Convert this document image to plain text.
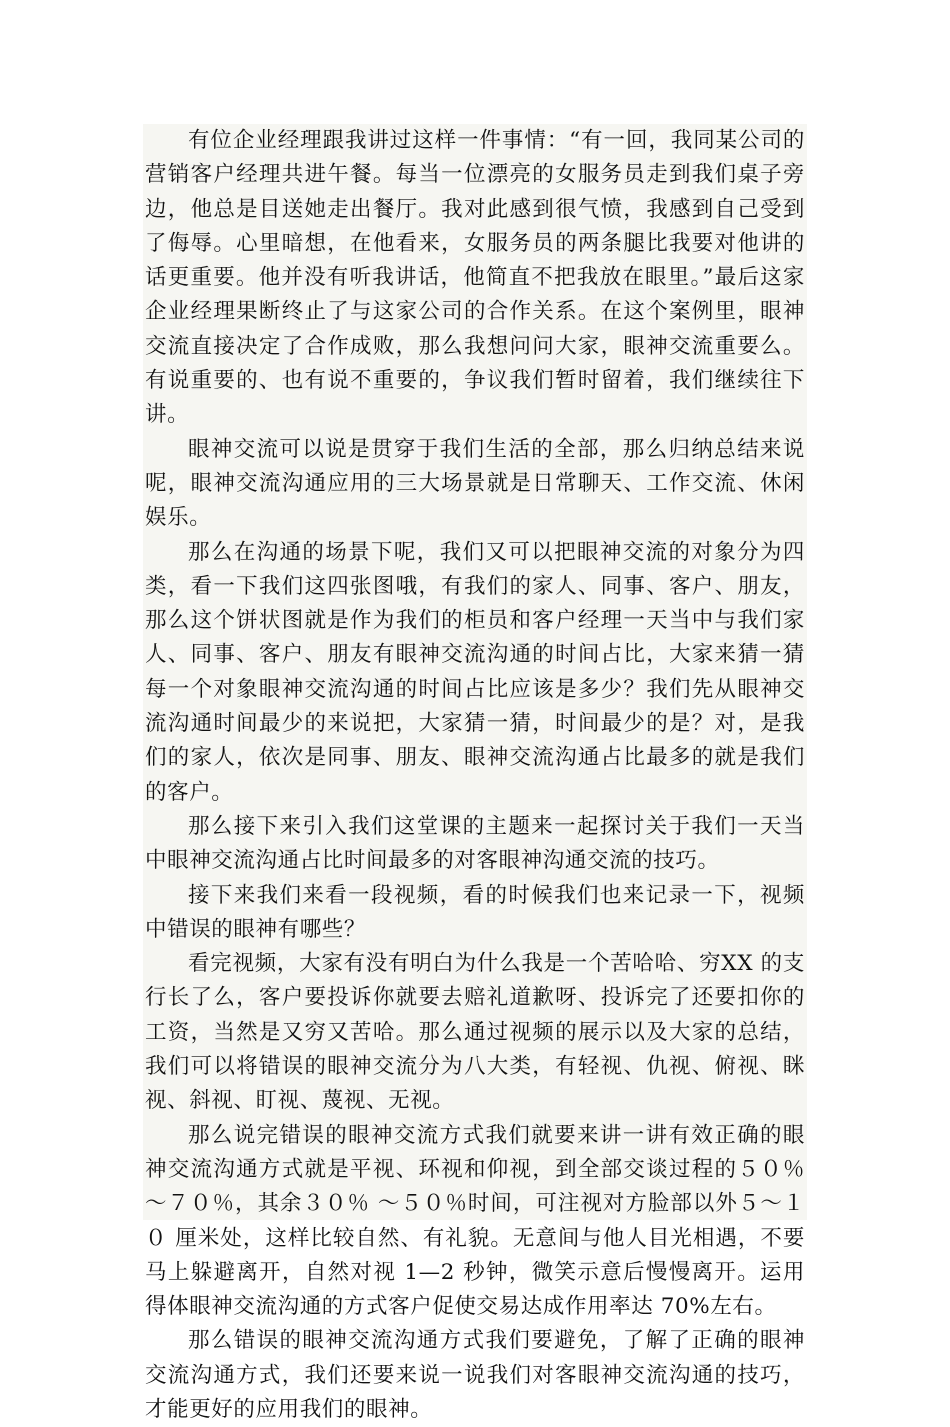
有位企业经理跟我讲过这样一件事情：“有一回，我同某公司的营销客户经理共进午餐。每当一位漂亮的女服务员走到我们桌子旁边，他总是目送她走出餐厅。我对此感到很气愤，我感到自己受到了侮辱。心里暗想，在他看来，女服务员的两条腿比我要对他讲的话更重要。他并没有听我讲话，他简直不把我放在眼里。”最后这家企业经理果断终止了与这家公司的合作关系。在这个案例里，眼神交流直接决定了合作成败，那么我想问问大家，眼神交流重要么。有说重要的、也有说不重要的，争议我们暂时留着，我们继续往下讲。

眼神交流可以说是贯穿于我们生活的全部，那么归纳总结来说呢，眼神交流沟通应用的三大场景就是日常聊天、工作交流、休闲娱乐。

那么在沟通的场景下呢，我们又可以把眼神交流的对象分为四类，看一下我们这四张图哦，有我们的家人、同事、客户、朋友，那么这个饼状图就是作为我们的柜员和客户经理一天当中与我们家人、同事、客户、朋友有眼神交流沟通的时间占比，大家来猜一猜每一个对象眼神交流沟通的时间占比应该是多少？我们先从眼神交流沟通时间最少的来说把，大家猜一猜，时间最少的是？对，是我们的家人，依次是同事、朋友、眼神交流沟通占比最多的就是我们的客户。

那么接下来引入我们这堂课的主题来一起探讨关于我们一天当中眼神交流沟通占比时间最多的对客眼神沟通交流的技巧。

接下来我们来看一段视频，看的时候我们也来记录一下，视频中错误的眼神有哪些？

看完视频，大家有没有明白为什么我是一个苦哈哈、穷XX 的支行长了么，客户要投诉你就要去赔礼道歉呀、投诉完了还要扣你的工资，当然是又穷又苦哈。那么通过视频的展示以及大家的总结，我们可以将错误的眼神交流分为八大类，有轻视、仇视、俯视、眯视、斜视、盯视、蔑视、无视。

那么说完错误的眼神交流方式我们就要来讲一讲有效正确的眼神交流沟通方式就是平视、环视和仰视，到全部交谈过程的５０％～７０％，其余３０％ ～５０％时间，可注视对方脸部以外５～１０ 厘米处，这样比较自然、有礼貌。无意间与他人目光相遇，不要马上躲避离开，自然对视 1—2 秒钟，微笑示意后慢慢离开。运用得体眼神交流沟通的方式客户促使交易达成作用率达 70%左右。

那么错误的眼神交流沟通方式我们要避免，了解了正确的眼神交流沟通方式，我们还要来说一说我们对客眼神交流沟通的技巧，才能更好的应用我们的眼神。
